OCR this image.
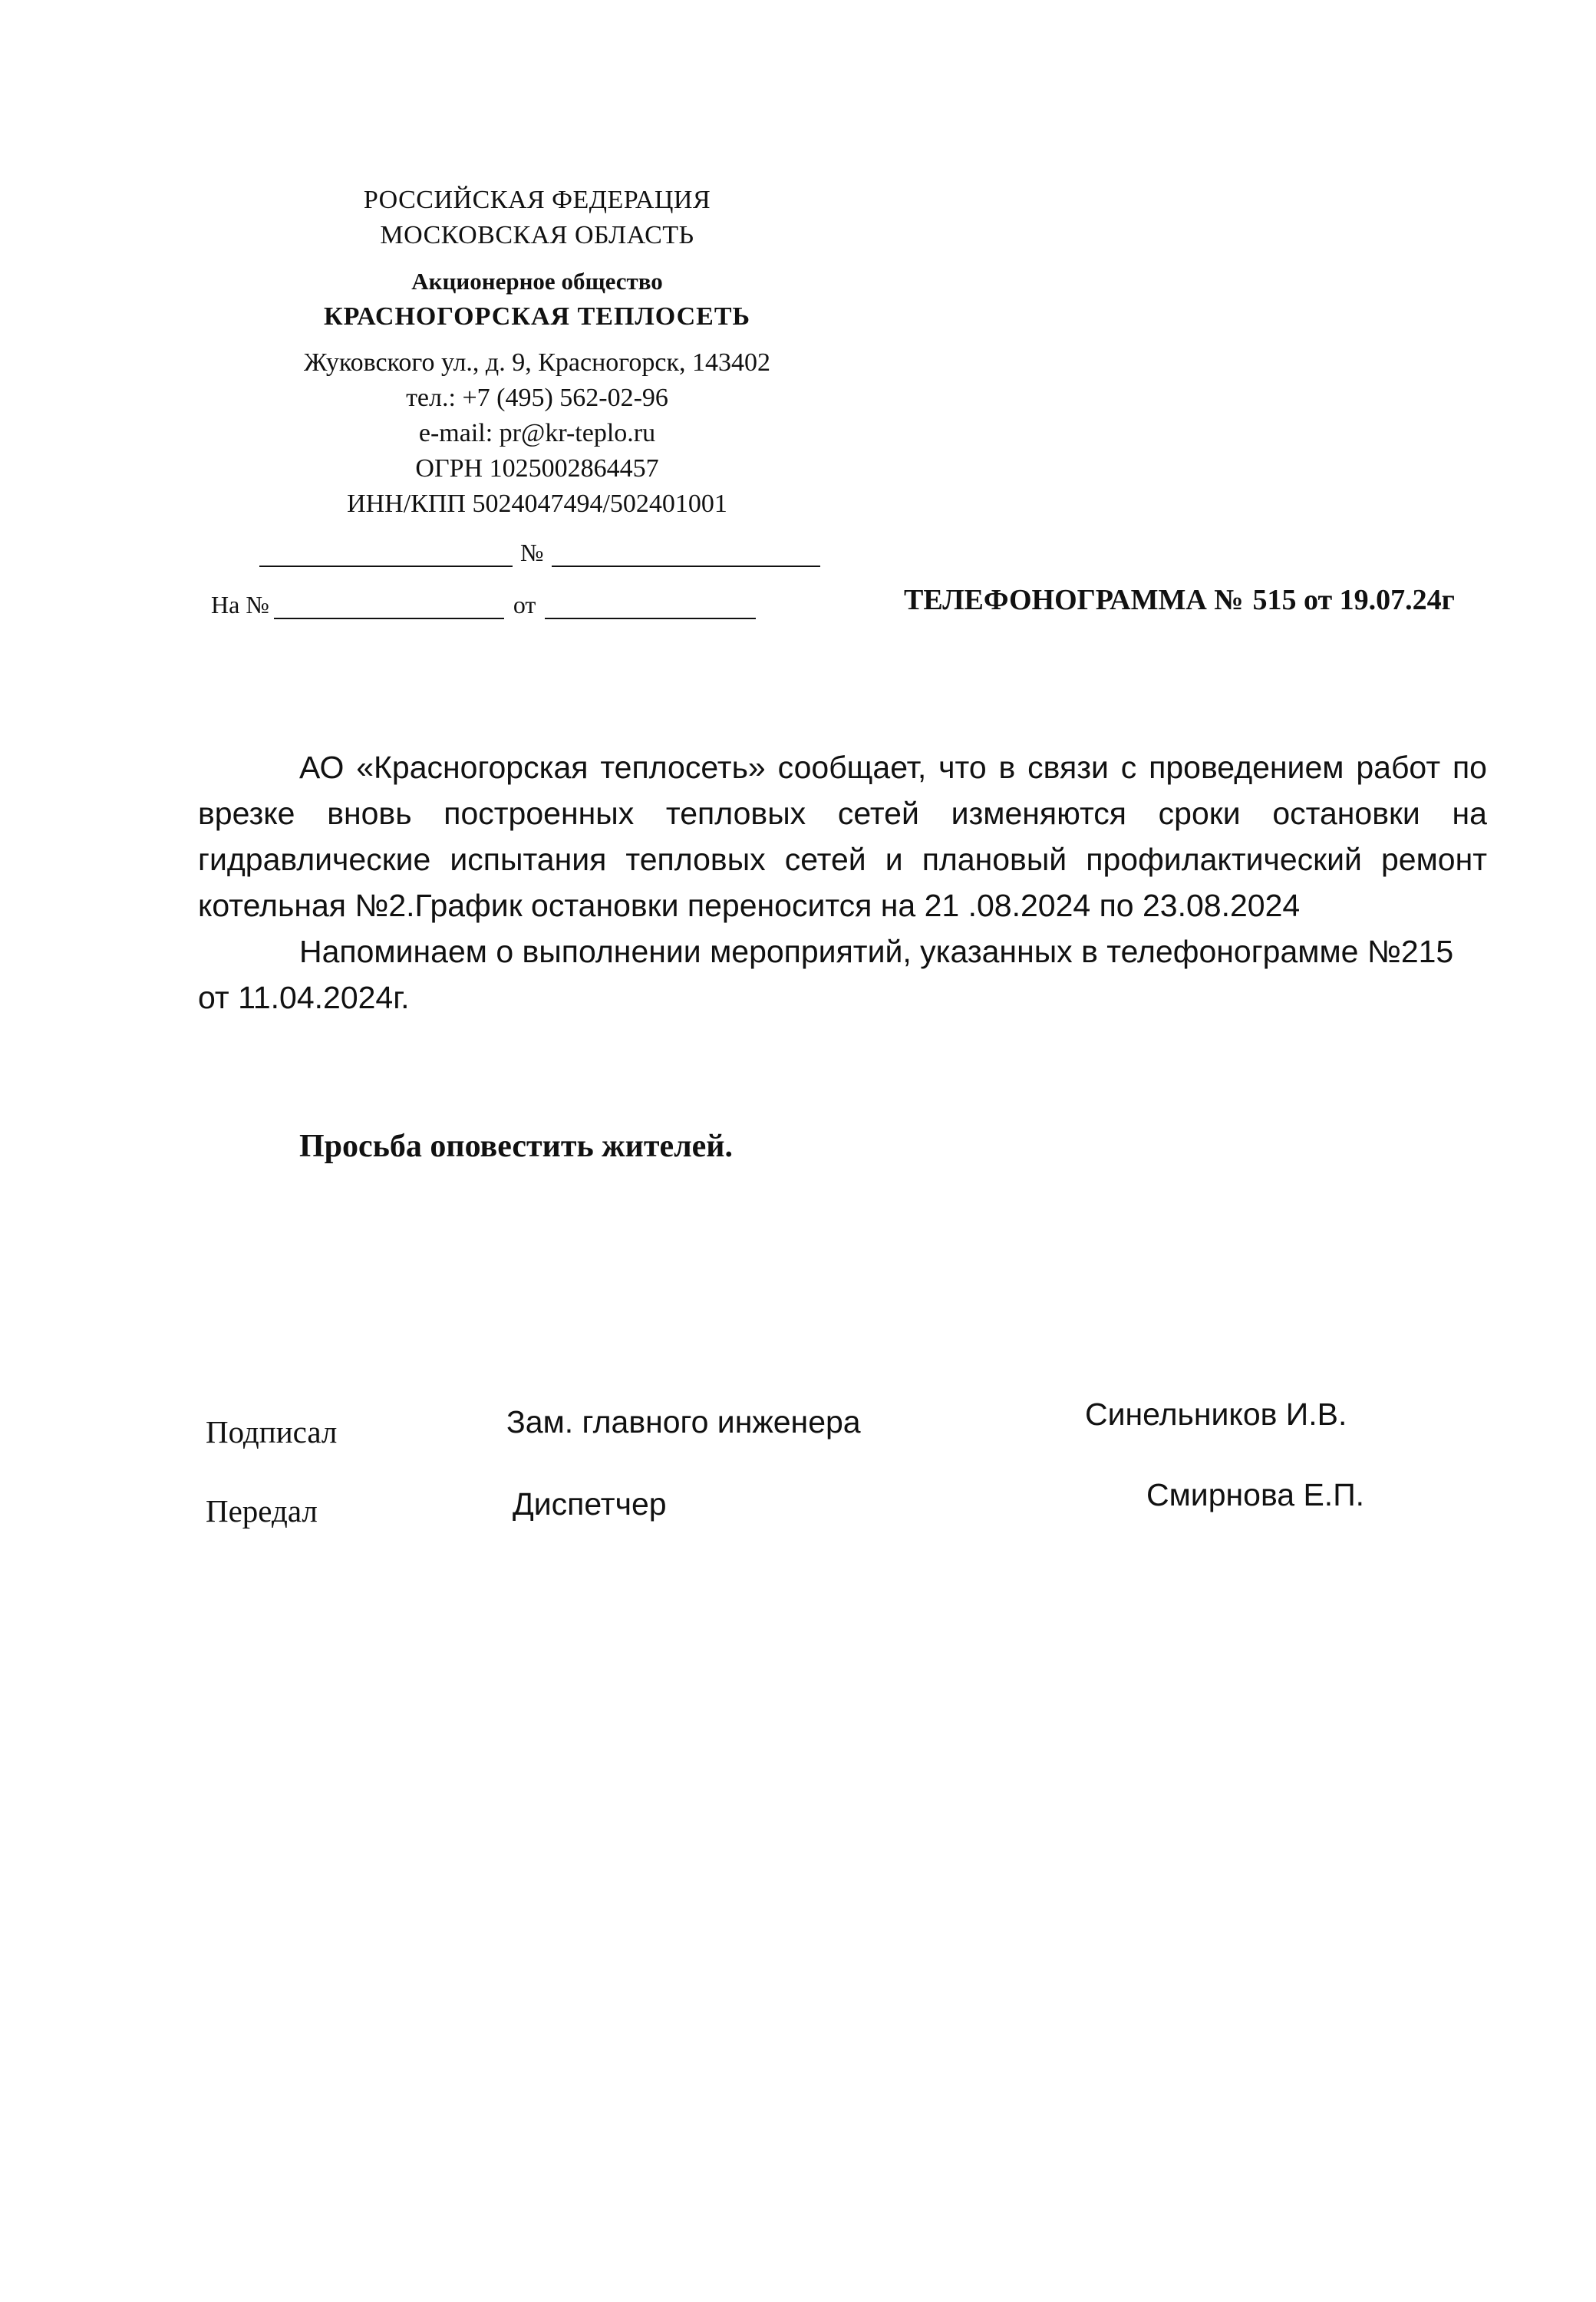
РОССИЙСКАЯ ФЕДЕРАЦИЯ
МОСКОВСКАЯ ОБЛАСТЬ
Акционерное общество
КРАСНОГОРСКАЯ ТЕПЛОСЕТЬ
Жуковского ул., д. 9, Красногорск, 143402
тел.: +7 (495) 562-02-96
e-mail: pr@kr-teplo.ru
ОГРН 1025002864457
ИНН/КПП 5024047494/502401001
№
На №	от	ТЕЛЕФОНОГРАММА № 515 от 19.07.24г

АО «Красногорская теплосеть» сообщает, что в связи с проведением работ по врезке вновь построенных тепловых сетей изменяются сроки остановки на гидравлические испытания тепловых сетей и плановый профилактический ремонт котельная №2.График остановки переносится на 21 .08.2024 по 23.08.2024

Напоминаем о выполнении мероприятий, указанных в телефонограмме №215 от 11.04.2024г.

Просьба оповестить жителей.
Подписал	Зам. главного инженера	Синельников И.В.
Передал	Диспетчер	Смирнова Е.П.
